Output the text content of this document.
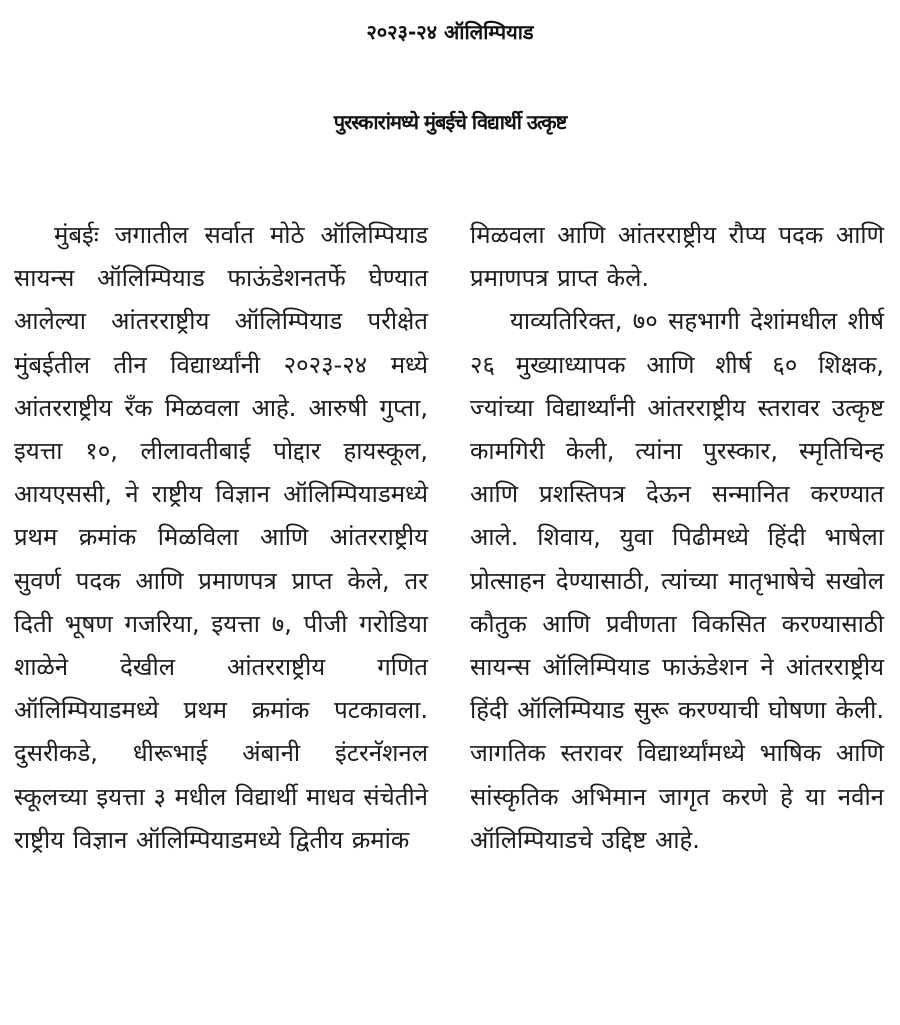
२०२३-२४ ऑलिम्पियाड
पुरस्कारांमध्ये मुंबईचे विद्यार्थी उत्कृष्ट

मुंबईः जगातील सर्वात मोठे ऑलिम्पियाड सायन्स ऑलिम्पियाड फाऊंडेशनतर्फे घेण्यात आलेल्या आंतरराष्ट्रीय ऑलिम्पियाड परीक्षेत मुंबईतील तीन विद्यार्थ्यांनी २०२३-२४ मध्ये आंतरराष्ट्रीय रँक मिळवला आहे. आरुषी गुप्ता, इयत्ता १०, लीलावतीबाई पोद्दार हायस्कूल, आयएससी, ने राष्ट्रीय विज्ञान ऑलिम्पियाडमध्ये प्रथम क्रमांक मिळविला आणि आंतरराष्ट्रीय सुवर्ण पदक आणि प्रमाणपत्र प्राप्त केले, तर दिती भूषण गजरिया, इयत्ता ७, पीजी गरोडिया शाळेने देखील आंतरराष्ट्रीय गणित ऑलिम्पियाडमध्ये प्रथम क्रमांक पटकावला. दुसरीकडे, धीरूभाई अंबानी इंटरनॅशनल स्कूलच्या इयत्ता ३ मधील विद्यार्थी माधव संचेतीने राष्ट्रीय विज्ञान ऑलिम्पियाडमध्ये द्वितीय क्रमांक

मिळवला आणि आंतरराष्ट्रीय रौप्य पदक आणि प्रमाणपत्र प्राप्त केले.

याव्यतिरिक्त, ७० सहभागी देशांमधील शीर्ष २६ मुख्याध्यापक आणि शीर्ष ६० शिक्षक, ज्यांच्या विद्यार्थ्यांनी आंतरराष्ट्रीय स्तरावर उत्कृष्ट कामगिरी केली, त्यांना पुरस्कार, स्मृतिचिन्ह आणि प्रशस्तिपत्र देऊन सन्मानित करण्यात आले. शिवाय, युवा पिढीमध्ये हिंदी भाषेला प्रोत्साहन देण्यासाठी, त्यांच्या मातृभाषेचे सखोल कौतुक आणि प्रवीणता विकसित करण्यासाठी सायन्स ऑलिम्पियाड फाऊंडेशन ने आंतरराष्ट्रीय हिंदी ऑलिम्पियाड सुरू करण्याची घोषणा केली. जागतिक स्तरावर विद्यार्थ्यांमध्ये भाषिक आणि सांस्कृतिक अभिमान जागृत करणे हे या नवीन ऑलिम्पियाडचे उद्दिष्ट आहे.
